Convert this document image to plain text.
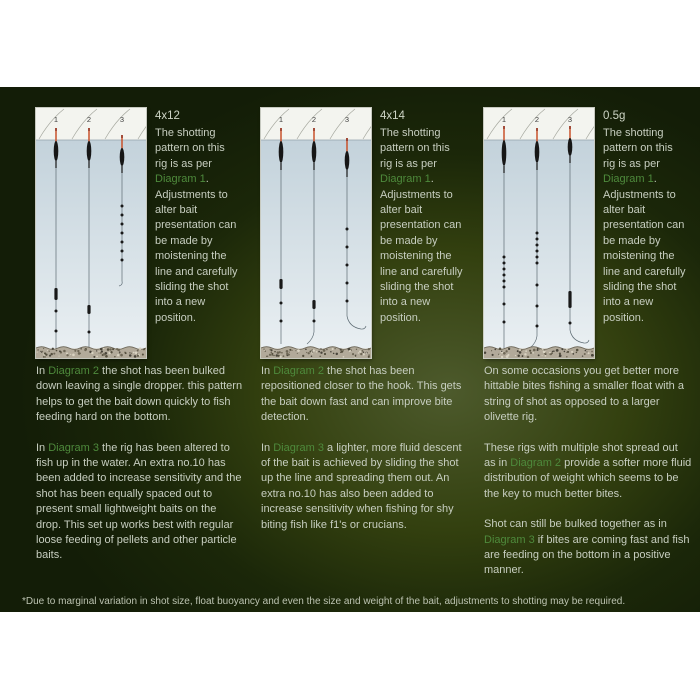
1	2	3	4x12
The shotting pattern on this rig is as per Diagram 1. Adjustments to alter bait presentation can be made by moistening the line and carefully sliding the shot into a new position.

In Diagram 2 the shot has been bulked down leaving a single dropper. this pattern helps to get the bait down quickly to fish feeding hard on the bottom.

In Diagram 3 the rig has been altered to fish up in the water. An extra no.10 has been added to increase sensitivity and the shot has been equally spaced out to present small lightweight baits on the drop. This set up works best with regular loose feeding of pellets and other particle baits.

1	2	3	4x14
The shotting pattern on this rig is as per Diagram 1. Adjustments to alter bait presentation can be made by moistening the line and carefully sliding the shot into a new position.

In Diagram 2 the shot has been repositioned closer to the hook. This gets the bait down fast and can improve bite detection.

In Diagram 3 a lighter, more fluid descent of the bait is achieved by sliding the shot up the line and spreading them out. An extra no.10 has also been added to increase sensitivity when fishing for shy biting fish like f1's or crucians.

1	2	3	0.5g
The shotting pattern on this rig is as per Diagram 1. Adjustments to alter bait presentation can be made by moistening the line and carefully sliding the shot into a new position.

On some occasions you get better more hittable bites fishing a smaller float with a string of shot as opposed to a larger olivette rig.

These rigs with multiple shot spread out as in Diagram 2 provide a softer more fluid distribution of weight which seems to be the key to much better bites.

Shot can still be bulked together as in Diagram 3 if bites are coming fast and fish are feeding on the bottom in a positive manner.

*Due to marginal variation in shot size, float buoyancy and even the size and weight of the bait, adjustments to shotting may be required.
